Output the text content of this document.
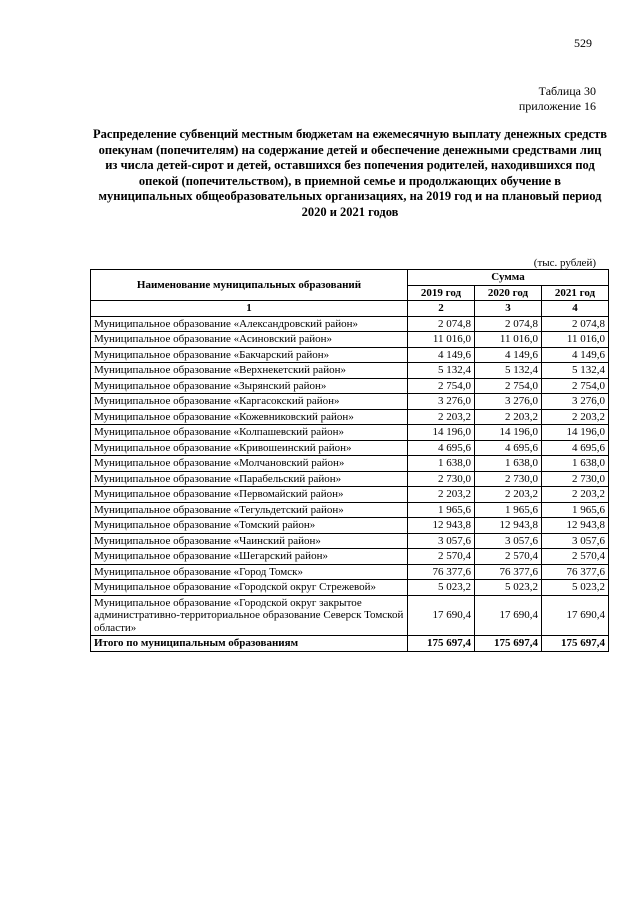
529
Таблица 30
приложение 16
Распределение субвенций местным бюджетам на ежемесячную выплату денежных средств опекунам (попечителям) на содержание детей и обеспечение денежными средствами лиц из числа детей-сирот и детей, оставшихся без попечения родителей, находившихся под опекой (попечительством), в приемной семье и продолжающих обучение в муниципальных общеобразовательных организациях, на 2019 год и на плановый период 2020 и 2021 годов
(тыс. рублей)
Наименование муниципальных образований	Сумма		
	2019 год	2020 год	2021 год
1	2	3	4
Муниципальное образование «Александровский район»	2 074,8	2 074,8	2 074,8
Муниципальное образование «Асиновский район»	11 016,0	11 016,0	11 016,0
Муниципальное образование «Бакчарский район»	4 149,6	4 149,6	4 149,6
Муниципальное образование «Верхнекетский район»	5 132,4	5 132,4	5 132,4
Муниципальное образование «Зырянский район»	2 754,0	2 754,0	2 754,0
Муниципальное образование «Каргасокский район»	3 276,0	3 276,0	3 276,0
Муниципальное образование «Кожевниковский район»	2 203,2	2 203,2	2 203,2
Муниципальное образование «Колпашевский район»	14 196,0	14 196,0	14 196,0
Муниципальное образование «Кривошеинский район»	4 695,6	4 695,6	4 695,6
Муниципальное образование «Молчановский район»	1 638,0	1 638,0	1 638,0
Муниципальное образование «Парабельский район»	2 730,0	2 730,0	2 730,0
Муниципальное образование «Первомайский район»	2 203,2	2 203,2	2 203,2
Муниципальное образование «Тегульдетский район»	1 965,6	1 965,6	1 965,6
Муниципальное образование «Томский район»	12 943,8	12 943,8	12 943,8
Муниципальное образование «Чаинский район»	3 057,6	3 057,6	3 057,6
Муниципальное образование «Шегарский район»	2 570,4	2 570,4	2 570,4
Муниципальное образование «Город Томск»	76 377,6	76 377,6	76 377,6
Муниципальное образование «Городской округ Стрежевой»	5 023,2	5 023,2	5 023,2
Муниципальное образование «Городской округ закрытое административно-территориальное образование Северск Томской области»	17 690,4	17 690,4	17 690,4
Итого по муниципальным образованиям	175 697,4	175 697,4	175 697,4
